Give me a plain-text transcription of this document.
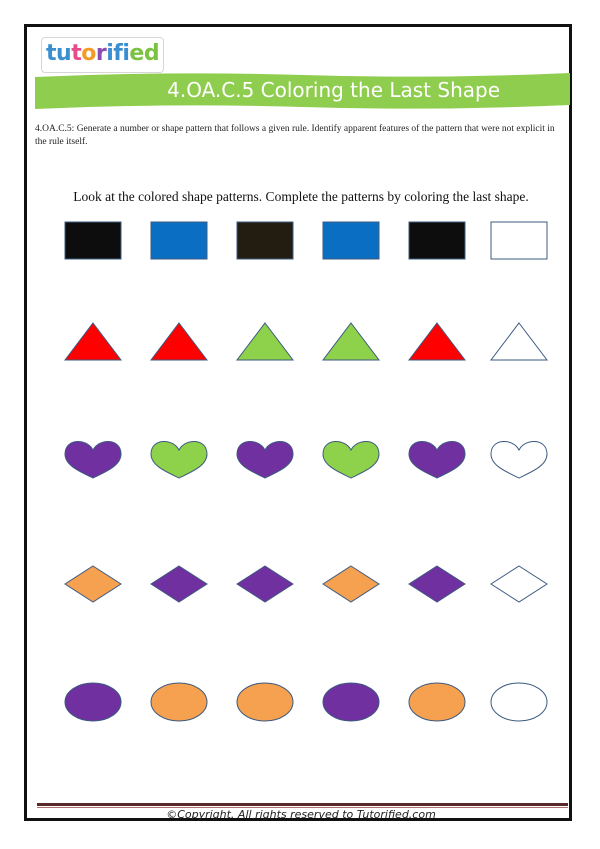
tutorified
4.OA.C.5 Coloring the Last Shape
4.OA.C.5: Generate a number or shape pattern that follows a given rule. Identify apparent features of the pattern that were not explicit in the rule itself.
Look at the colored shape patterns. Complete the patterns by coloring the last shape.
©Copyright. All rights reserved to Tutorified.com
